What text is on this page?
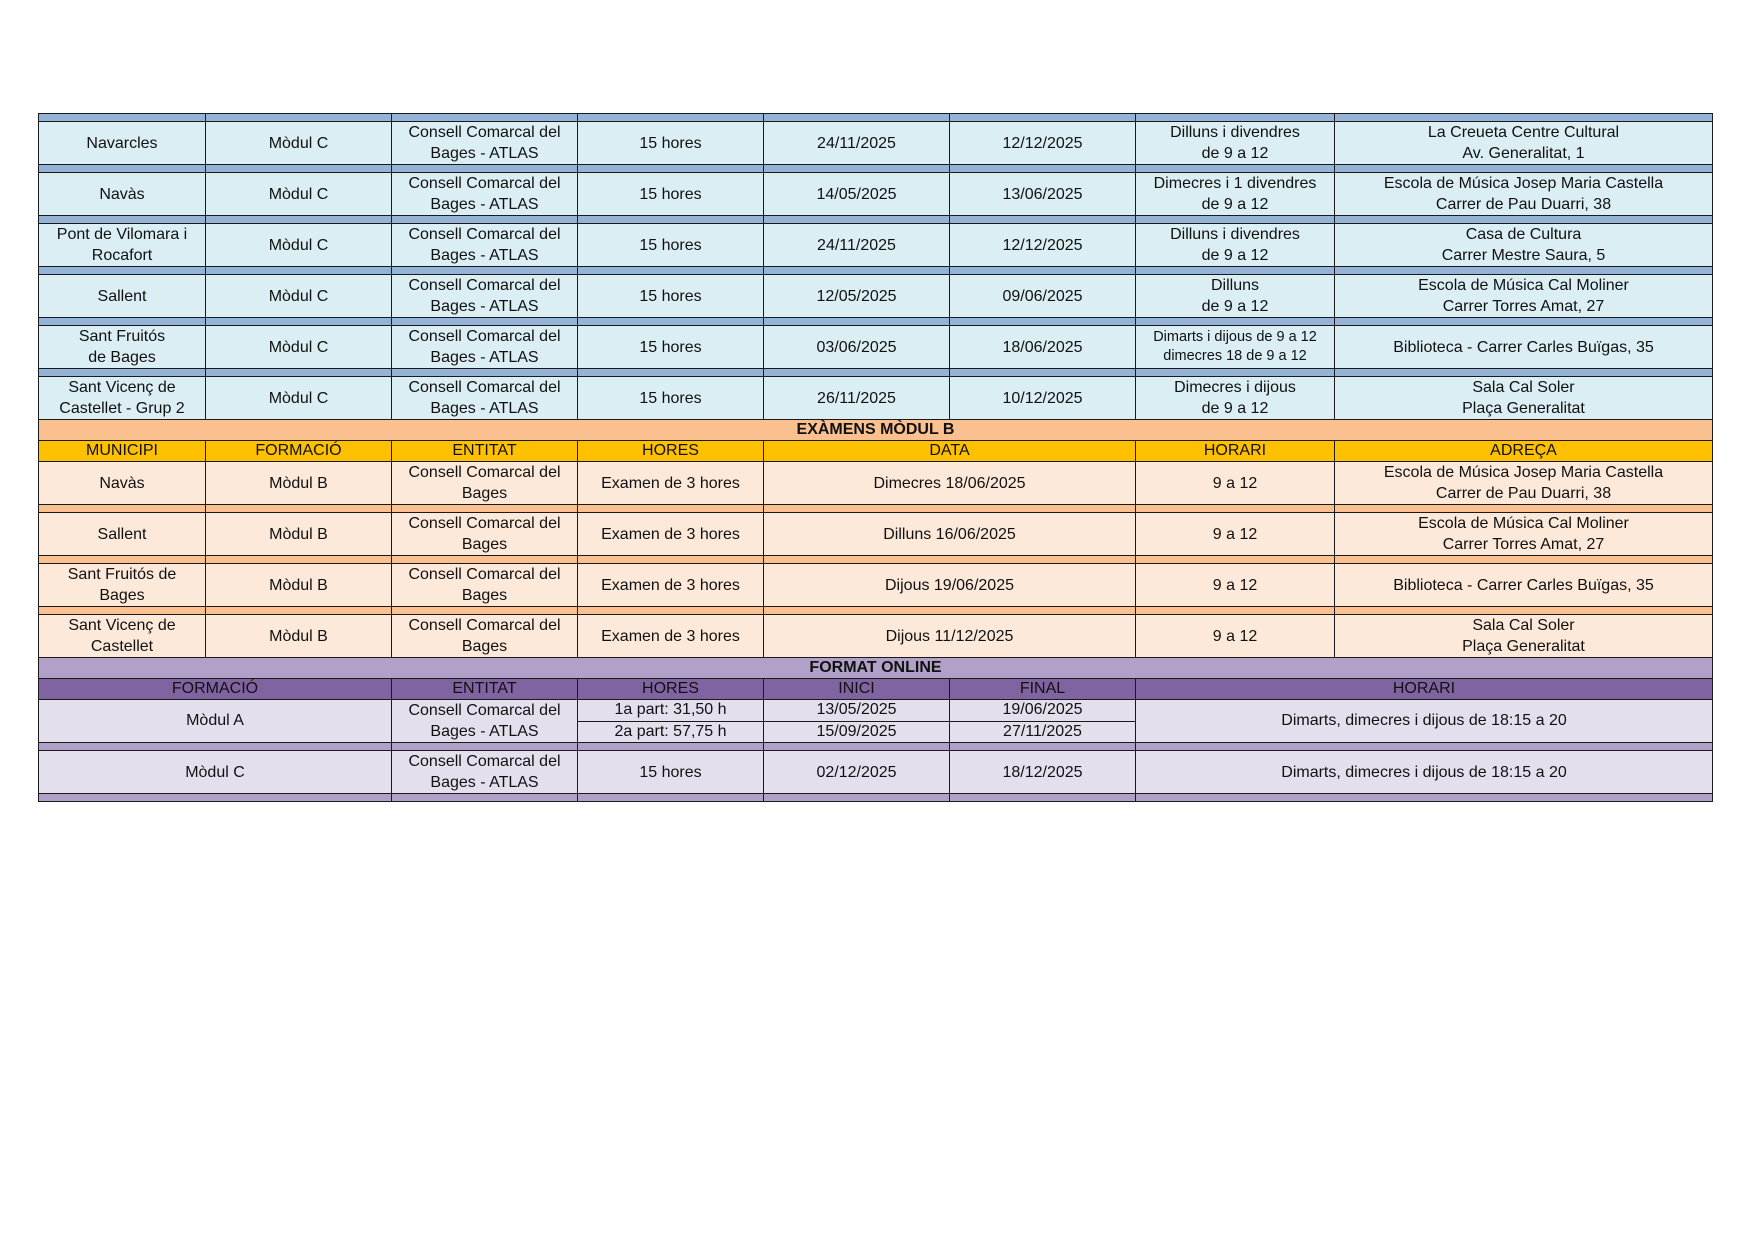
Navarcles	Mòdul C	Consell Comarcal del
Bages - ATLAS	15 hores	24/11/2025	12/12/2025	Dilluns i divendres
de 9 a 12	La Creueta Centre Cultural
Av. Generalitat, 1

Navàs	Mòdul C	Consell Comarcal del
Bages - ATLAS	15 hores	14/05/2025	13/06/2025	Dimecres i 1 divendres
de 9 a 12	Escola de Música Josep Maria Castella
Carrer de Pau Duarri, 38

Pont de Vilomara i
Rocafort	Mòdul C	Consell Comarcal del
Bages - ATLAS	15 hores	24/11/2025	12/12/2025	Dilluns i divendres
de 9 a 12	Casa de Cultura
Carrer Mestre Saura, 5

Sallent	Mòdul C	Consell Comarcal del
Bages - ATLAS	15 hores	12/05/2025	09/06/2025	Dilluns
de 9 a 12	Escola de Música Cal Moliner
Carrer Torres Amat, 27

Sant Fruitós
de Bages	Mòdul C	Consell Comarcal del
Bages - ATLAS	15 hores	03/06/2025	18/06/2025	Dimarts i dijous de 9 a 12
dimecres 18 de 9 a 12	Biblioteca - Carrer Carles Buïgas, 35

Sant Vicenç de
Castellet - Grup 2	Mòdul C	Consell Comarcal del
Bages - ATLAS	15 hores	26/11/2025	10/12/2025	Dimecres i dijous
de 9 a 12	Sala Cal Soler
Plaça Generalitat

EXÀMENS MÒDUL B							
MUNICIPI	FORMACIÓ	ENTITAT	HORES	DATA		HORARI	ADREÇA

Navàs	Mòdul B	Consell Comarcal del
Bages	Examen de 3 hores	Dimecres 18/06/2025		9 a 12	Escola de Música Josep Maria Castella
Carrer de Pau Duarri, 38

Sallent	Mòdul B	Consell Comarcal del
Bages	Examen de 3 hores	Dilluns 16/06/2025		9 a 12	Escola de Música Cal Moliner
Carrer Torres Amat, 27

Sant Fruitós de
Bages	Mòdul B	Consell Comarcal del
Bages	Examen de 3 hores	Dijous 19/06/2025		9 a 12	Biblioteca - Carrer Carles Buïgas, 35

Sant Vicenç de
Castellet	Mòdul B	Consell Comarcal del
Bages	Examen de 3 hores	Dijous 11/12/2025		9 a 12	Sala Cal Soler
Plaça Generalitat

FORMAT ONLINE							
FORMACIÓ		ENTITAT	HORES	INICI	FINAL	HORARI	
Mòdul A		Consell Comarcal del
Bages - ATLAS	1a part: 31,50 h	13/05/2025	19/06/2025	Dimarts, dimecres i dijous de 18:15 a 20	
			2a part: 57,75 h	15/09/2025	27/11/2025		

Mòdul C		Consell Comarcal del
Bages - ATLAS	15 hores	02/12/2025	18/12/2025	Dimarts, dimecres i dijous de 18:15 a 20	
